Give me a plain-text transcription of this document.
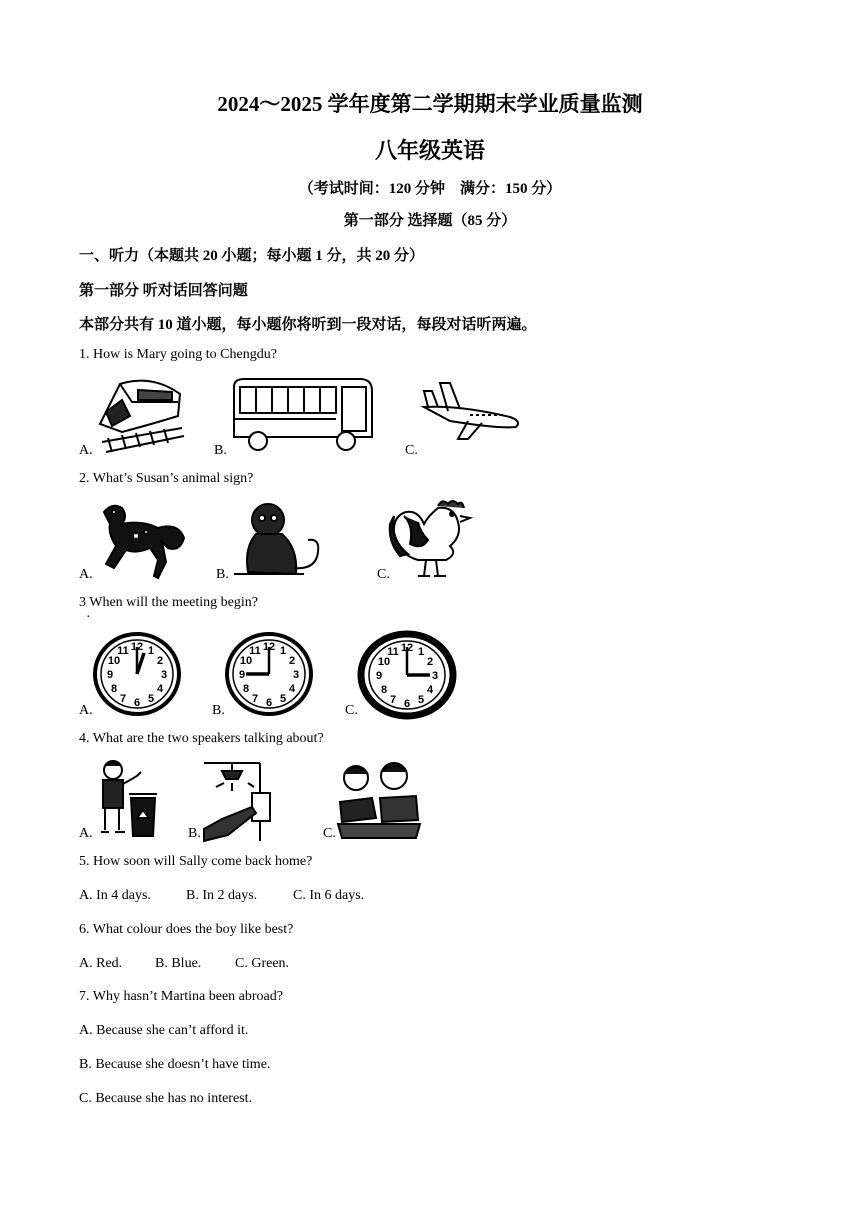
2024～2025 学年度第二学期期末学业质量监测
八年级英语
（考试时间：120 分钟　满分：150 分）
第一部分 选择题（85 分）
一、听力（本题共 20 小题；每小题 1 分，共 20 分）
第一部分 听对话回答问题
本部分共有 10 道小题，每小题你将听到一段对话，每段对话听两遍。
1. How is Mary going to Chengdu?
A.	B.	C.
2. What’s Susan’s animal sign?
A.	B.	C.
3 When will the meeting begin?
·
A.	B.	C.
12
3
6
9
1
2
4
5
7
8
10
11	12
3
6
9
1
2
4
5
7
8
10
11	12
3
6
9
1
2
4
5
7
8
10
11
4. What are the two speakers talking about?
A.	B.	C.
5. How soon will Sally come back home?
A. In 4 days.	B. In 2 days.	C. In 6 days.
6. What colour does the boy like best?
A. Red. B. Blue. C. Green.
7. Why hasn’t Martina been abroad?
A. Because she can’t afford it.
B. Because she doesn’t have time.
C. Because she has no interest.
